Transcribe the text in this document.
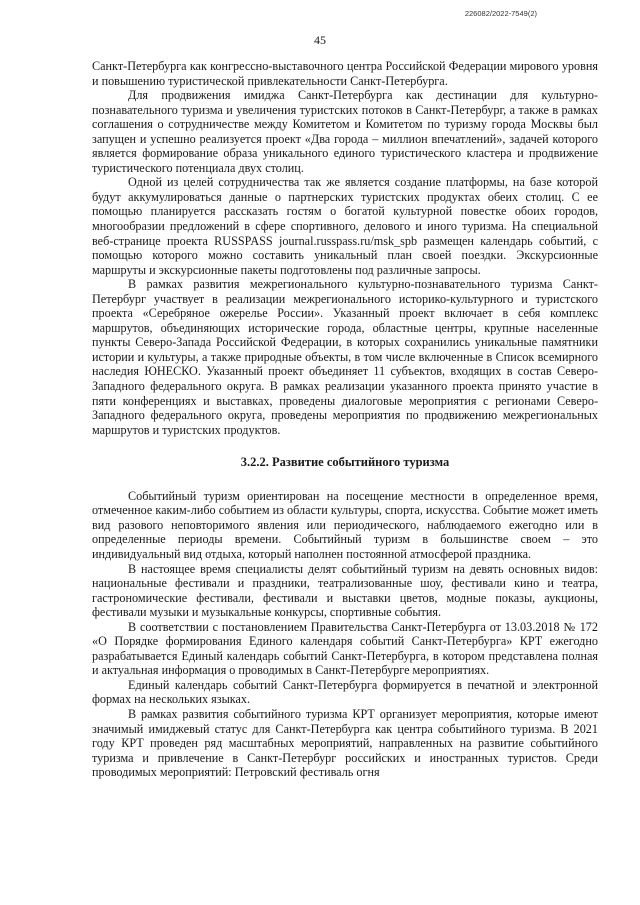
226082/2022-7549(2)
45

Санкт-Петербурга как конгрессно-выставочного центра Российской Федерации мирового уровня и повышению туристической привлекательности Санкт-Петербурга.

Для продвижения имиджа Санкт-Петербурга как дестинации для культурно-познавательного туризма и увеличения туристских потоков в Санкт-Петербург, а также в рамках соглашения о сотрудничестве между Комитетом и Комитетом по туризму города Москвы был запущен и успешно реализуется проект «Два города – миллион впечатлений», задачей которого является формирование образа уникального единого туристического кластера и продвижение туристического потенциала двух столиц.

Одной из целей сотрудничества так же является создание платформы, на базе которой будут аккумулироваться данные о партнерских туристских продуктах обеих столиц. С ее помощью планируется рассказать гостям о богатой культурной повестке обоих городов, многообразии предложений в сфере спортивного, делового и иного туризма. На специальной веб-странице проекта RUSSPASS journal.russpass.ru/msk_spb размещен календарь событий, с помощью которого можно составить уникальный план своей поездки. Экскурсионные маршруты и экскурсионные пакеты подготовлены под различные запросы.

В рамках развития межрегионального культурно-познавательного туризма Санкт-Петербург участвует в реализации межрегионального историко-культурного и туристского проекта «Серебряное ожерелье России». Указанный проект включает в себя комплекс маршрутов, объединяющих исторические города, областные центры, крупные населенные пункты Северо-Запада Российской Федерации, в которых сохранились уникальные памятники истории и культуры, а также природные объекты, в том числе включенные в Список всемирного наследия ЮНЕСКО. Указанный проект объединяет 11 субъектов, входящих в состав Северо-Западного федерального округа. В рамках реализации указанного проекта принято участие в пяти конференциях и выставках, проведены диалоговые мероприятия с регионами Северо-Западного федерального округа, проведены мероприятия по продвижению межрегиональных маршрутов и туристских продуктов.

3.2.2. Развитие событийного туризма

Событийный туризм ориентирован на посещение местности в определенное время, отмеченное каким-либо событием из области культуры, спорта, искусства. Событие может иметь вид разового неповторимого явления или периодического, наблюдаемого ежегодно или в определенные периоды времени. Событийный туризм в большинстве своем – это индивидуальный вид отдыха, который наполнен постоянной атмосферой праздника.

В настоящее время специалисты делят событийный туризм на девять основных видов: национальные фестивали и праздники, театрализованные шоу, фестивали кино и театра, гастрономические фестивали, фестивали и выставки цветов, модные показы, аукционы, фестивали музыки и музыкальные конкурсы, спортивные события.

В соответствии с постановлением Правительства Санкт-Петербурга от 13.03.2018 № 172 «О Порядке формирования Единого календаря событий Санкт-Петербурга» КРТ ежегодно разрабатывается Единый календарь событий Санкт-Петербурга, в котором представлена полная и актуальная информация о проводимых в Санкт-Петербурге мероприятиях.

Единый календарь событий Санкт-Петербурга формируется в печатной и электронной формах на нескольких языках.

В рамках развития событийного туризма КРТ организует мероприятия, которые имеют значимый имиджевый статус для Санкт-Петербурга как центра событийного туризма. В 2021 году КРТ проведен ряд масштабных мероприятий, направленных на развитие событийного туризма и привлечение в Санкт-Петербург российских и иностранных туристов. Среди проводимых мероприятий: Петровский фестиваль огня
